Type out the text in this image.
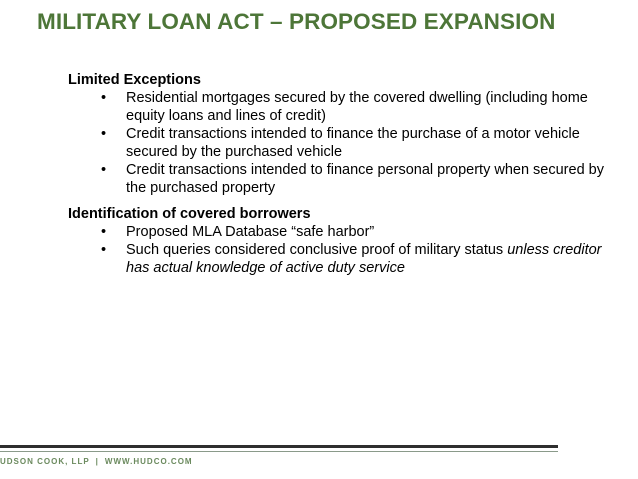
MILITARY LOAN ACT – PROPOSED EXPANSION

Limited Exceptions

• Residential mortgages secured by the covered dwelling (including home equity loans and lines of credit)
• Credit transactions intended to finance the purchase of a motor vehicle secured by the purchased vehicle
• Credit transactions intended to finance personal property when secured by the purchased property

Identification of covered borrowers

• Proposed MLA Database “safe harbor”
• Such queries considered conclusive proof of military status unless creditor has actual knowledge of active duty service
UDSON COOK, LLP | WWW.HUDCO.COM
